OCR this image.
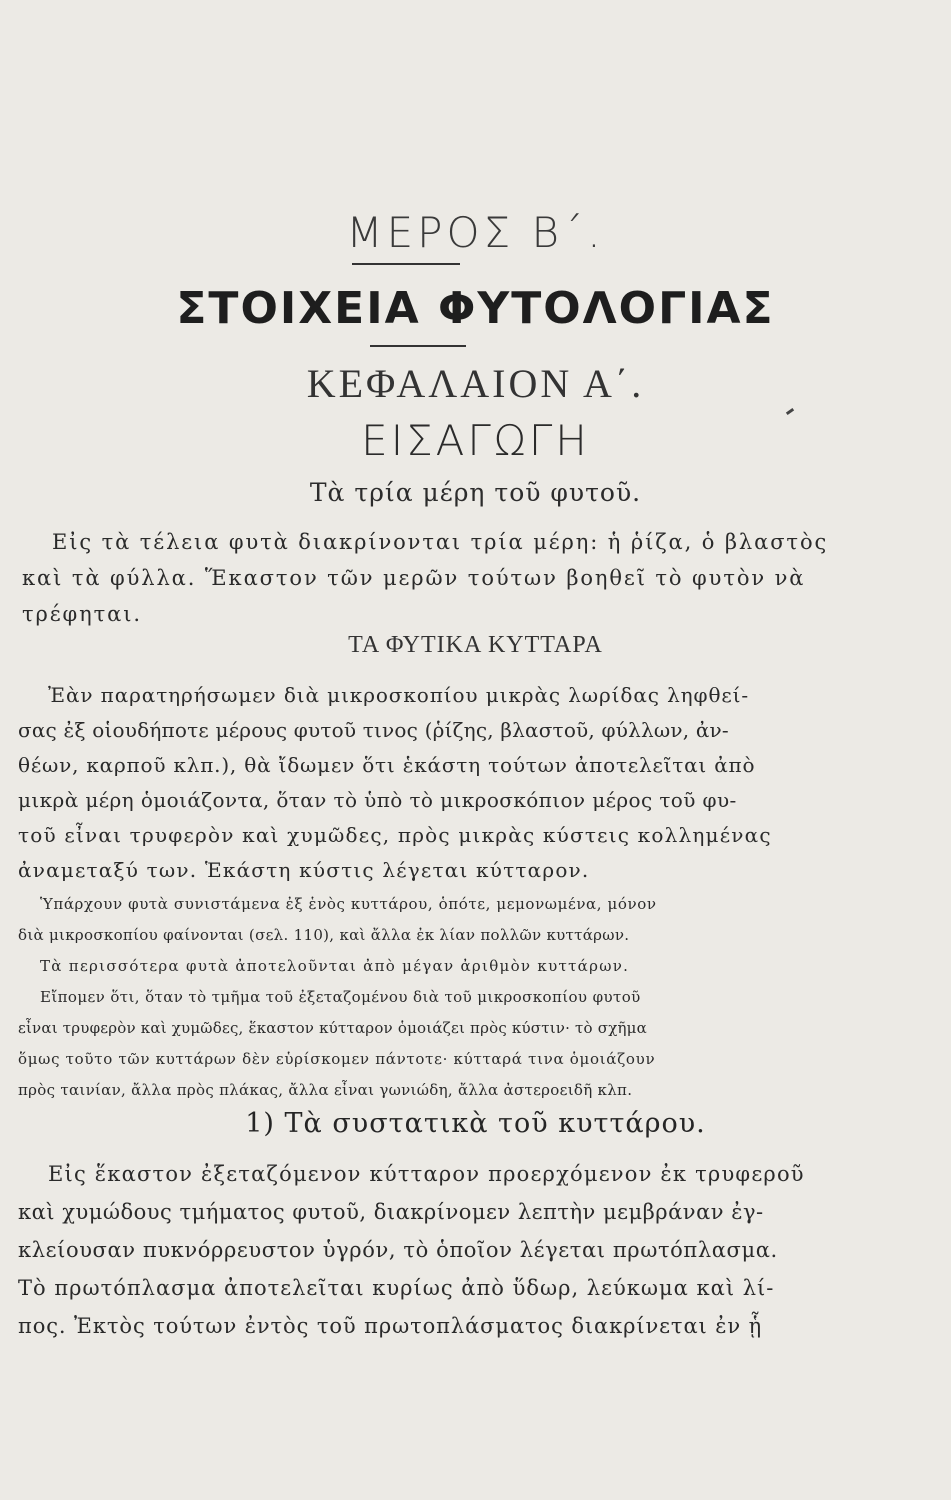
ΜΕΡΟΣ Β΄.
ΣΤΟΙΧΕΙΑ ΦΥΤΟΛΟΓΙΑΣ
ΚΕΦΑΛΑΙΟΝ Α΄.
ΕΙΣΑΓΩΓΗ
Τὰ τρία μέρη τοῦ φυτοῦ.
Εἰς τὰ τέλεια φυτὰ διακρίνονται τρία μέρη: ἡ ῥίζα, ὁ βλαστὸς
καὶ τὰ φύλλα. Ἕκαστον τῶν μερῶν τούτων βοηθεῖ τὸ φυτὸν νὰ
τρέφηται.
ΤΑ ΦΥΤΙΚΑ ΚΥΤΤΑΡΑ
Ἐὰν παρατηρήσωμεν διὰ μικροσκοπίου μικρὰς λωρίδας ληφθεί-
σας ἐξ οἱουδήποτε μέρους φυτοῦ τινος (ῥίζης, βλαστοῦ, φύλλων, ἀν-
θέων, καρποῦ κλπ.), θὰ ἴδωμεν ὅτι ἑκάστη τούτων ἀποτελεῖται ἀπὸ
μικρὰ μέρη ὁμοιάζοντα, ὅταν τὸ ὑπὸ τὸ μικροσκόπιον μέρος τοῦ φυ-
τοῦ εἶναι τρυφερὸν καὶ χυμῶδες, πρὸς μικρὰς κύστεις κολλημένας
ἀναμεταξύ των. Ἑκάστη κύστις λέγεται κύτταρον.
Ὑπάρχουν φυτὰ συνιστάμενα ἐξ ἑνὸς κυττάρου, ὁπότε, μεμονωμένα, μόνον
διὰ μικροσκοπίου φαίνονται (σελ. 110), καὶ ἄλλα ἐκ λίαν πολλῶν κυττάρων.
Τὰ περισσότερα φυτὰ ἀποτελοῦνται ἀπὸ μέγαν ἀριθμὸν κυττάρων.
Εἴπομεν ὅτι, ὅταν τὸ τμῆμα τοῦ ἐξεταζομένου διὰ τοῦ μικροσκοπίου φυτοῦ
εἶναι τρυφερὸν καὶ χυμῶδες, ἕκαστον κύτταρον ὁμοιάζει πρὸς κύστιν· τὸ σχῆμα
ὅμως τοῦτο τῶν κυττάρων δὲν εὑρίσκομεν πάντοτε· κύτταρά τινα ὁμοιάζουν
πρὸς ταινίαν, ἄλλα πρὸς πλάκας, ἄλλα εἶναι γωνιώδη, ἄλλα ἀστεροειδῆ κλπ.
1) Τὰ συστατικὰ τοῦ κυττάρου.
Εἰς ἕκαστον ἐξεταζόμενον κύτταρον προερχόμενον ἐκ τρυφεροῦ
καὶ χυμώδους τμήματος φυτοῦ, διακρίνομεν λεπτὴν μεμβράναν ἐγ-
κλείουσαν πυκνόρρευστον ὑγρόν, τὸ ὁποῖον λέγεται πρωτόπλασμα.
Τὸ πρωτόπλασμα ἀποτελεῖται κυρίως ἀπὸ ὕδωρ, λεύκωμα καὶ λί-
πος. Ἐκτὸς τούτων ἐντὸς τοῦ πρωτοπλάσματος διακρίνεται ἐν ᾗ
